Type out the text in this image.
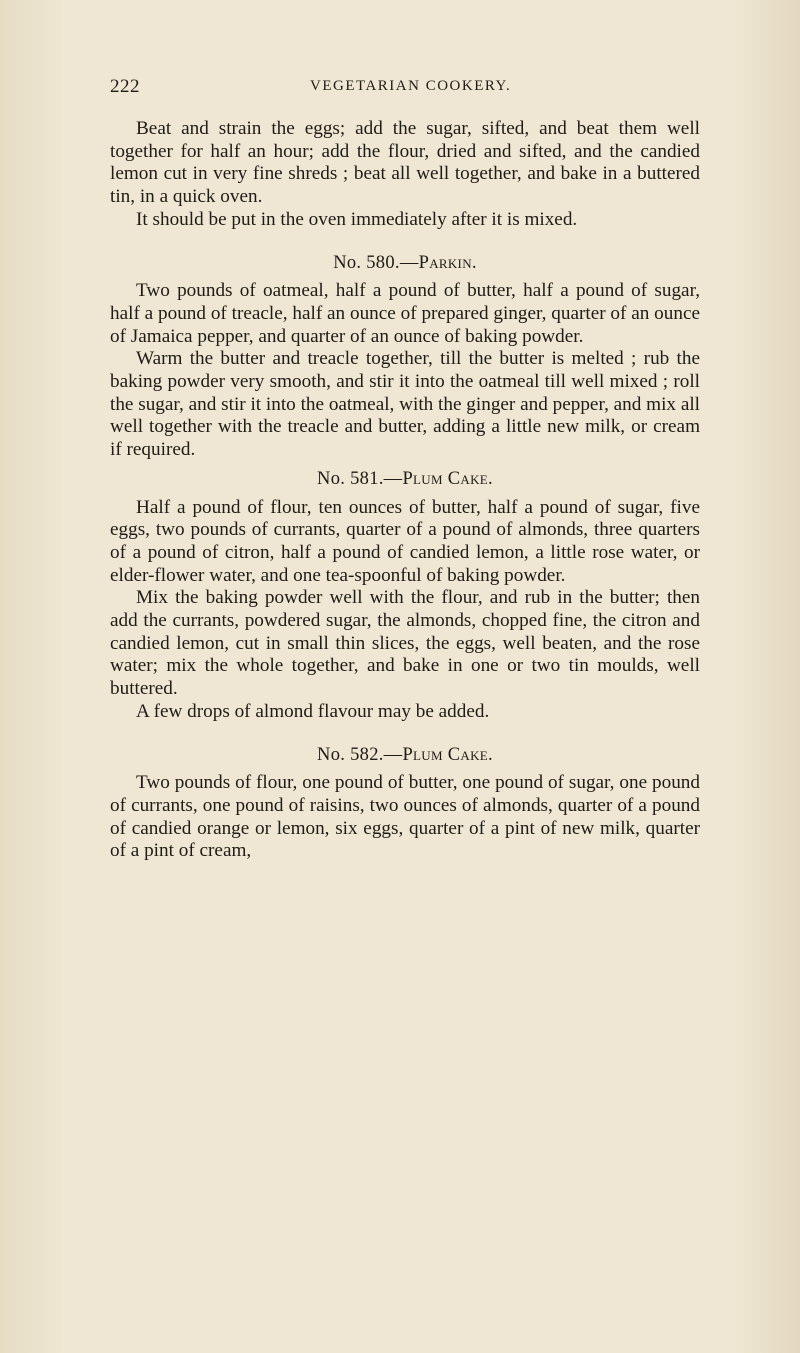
222	VEGETARIAN COOKERY.

Beat and strain the eggs; add the sugar, sifted, and beat them well together for half an hour; add the flour, dried and sifted, and the candied lemon cut in very fine shreds ; beat all well together, and bake in a buttered tin, in a quick oven.

It should be put in the oven immediately after it is mixed.

No. 580.—Parkin.

Two pounds of oatmeal, half a pound of butter, half a pound of sugar, half a pound of treacle, half an ounce of prepared ginger, quarter of an ounce of Jamaica pepper, and quarter of an ounce of baking powder.

Warm the butter and treacle together, till the butter is melted ; rub the baking powder very smooth, and stir it into the oatmeal till well mixed ; roll the sugar, and stir it into the oatmeal, with the ginger and pepper, and mix all well together with the treacle and butter, adding a little new milk, or cream if required.

No. 581.—Plum Cake.

Half a pound of flour, ten ounces of butter, half a pound of sugar, five eggs, two pounds of currants, quarter of a pound of almonds, three quarters of a pound of citron, half a pound of candied lemon, a little rose water, or elder-flower water, and one tea-spoonful of baking powder.

Mix the baking powder well with the flour, and rub in the butter; then add the currants, powdered sugar, the almonds, chopped fine, the citron and candied lemon, cut in small thin slices, the eggs, well beaten, and the rose water; mix the whole together, and bake in one or two tin moulds, well buttered.

A few drops of almond flavour may be added.

No. 582.—Plum Cake.

Two pounds of flour, one pound of butter, one pound of sugar, one pound of currants, one pound of raisins, two ounces of almonds, quarter of a pound of candied orange or lemon, six eggs, quarter of a pint of new milk, quarter of a pint of cream,
